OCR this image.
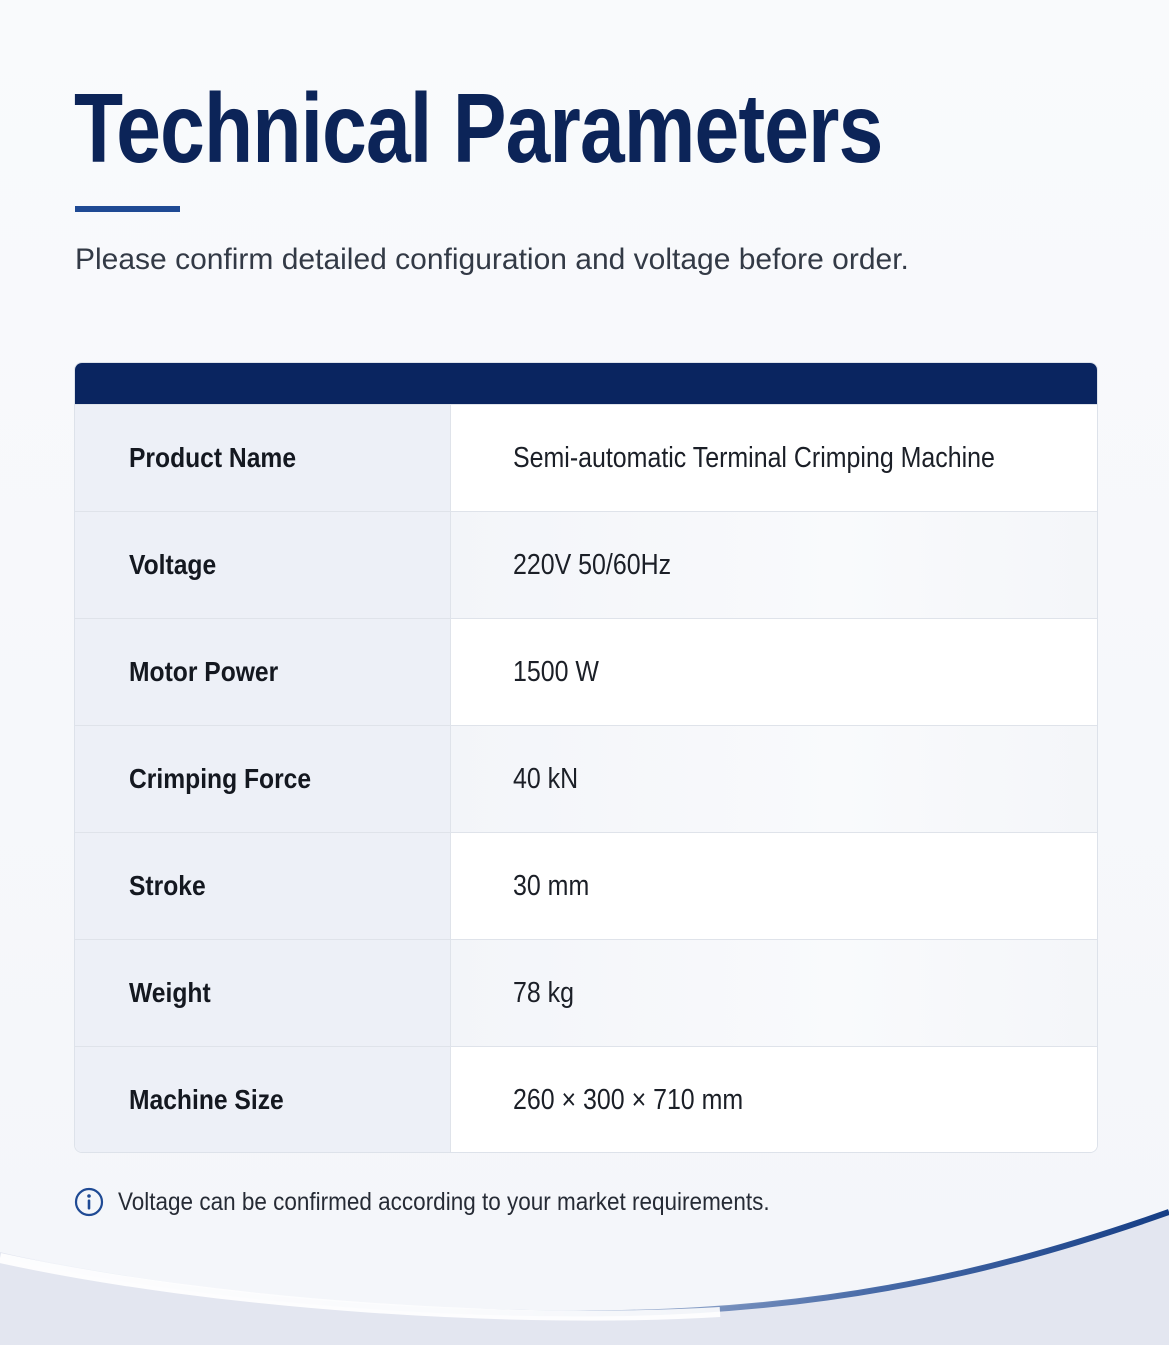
Technical Parameters

Please confirm detailed configuration and voltage before order.

Product Name	Semi-automatic Terminal Crimping Machine
Voltage	220V 50/60Hz
Motor Power	1500 W
Crimping Force	40 kN
Stroke	30 mm
Weight	78 kg
Machine Size	260 × 300 × 710 mm
Voltage can be confirmed according to your market requirements.
